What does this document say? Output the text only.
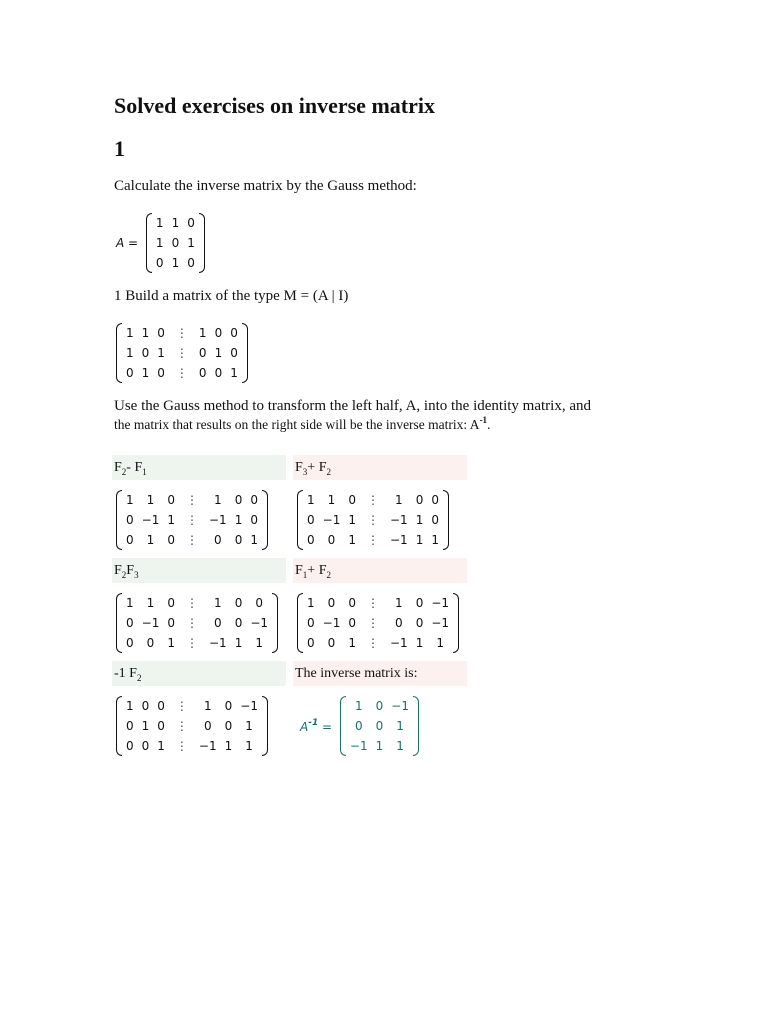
Solved exercises on inverse matrix
1
Calculate the inverse matrix by the Gauss method:
A =
1	1	0
1	0	1
0	1	0
1 Build a matrix of the type M = (A | I)
1	1	0	⋮	1	0	0
1	0	1	⋮	0	1	0
0	1	0	⋮	0	0	1
Use the Gauss method to transform the left half, A, into the identity matrix, and
the matrix that results on the right side will be the inverse matrix: $A^{-1}$.
$F_2-$ $F_1$	$F_3+ F_2$
$F_2F_3$	$F_1+ F_2$
-1 $F_2$	The inverse matrix is:
1	1	0	⋮	1	0	0
0	−1	1	⋮	−1	1	0
0	1	0	⋮	0	0	1
1	1	0	⋮	1	0	0
0	−1	1	⋮	−1	1	0
0	0	1	⋮	−1	1	1
1	1	0	⋮	1	0	0
0	−1	0	⋮	0	0	−1
0	0	1	⋮	−1	1	1
1	0	0	⋮	1	0	−1
0	−1	0	⋮	0	0	−1
0	0	1	⋮	−1	1	1
1	0	0	⋮	1	0	−1
0	1	0	⋮	0	0	1
0	0	1	⋮	−1	1	1
$A^{-1}$ =
1	0	−1
0	0	1
−1	1	1
